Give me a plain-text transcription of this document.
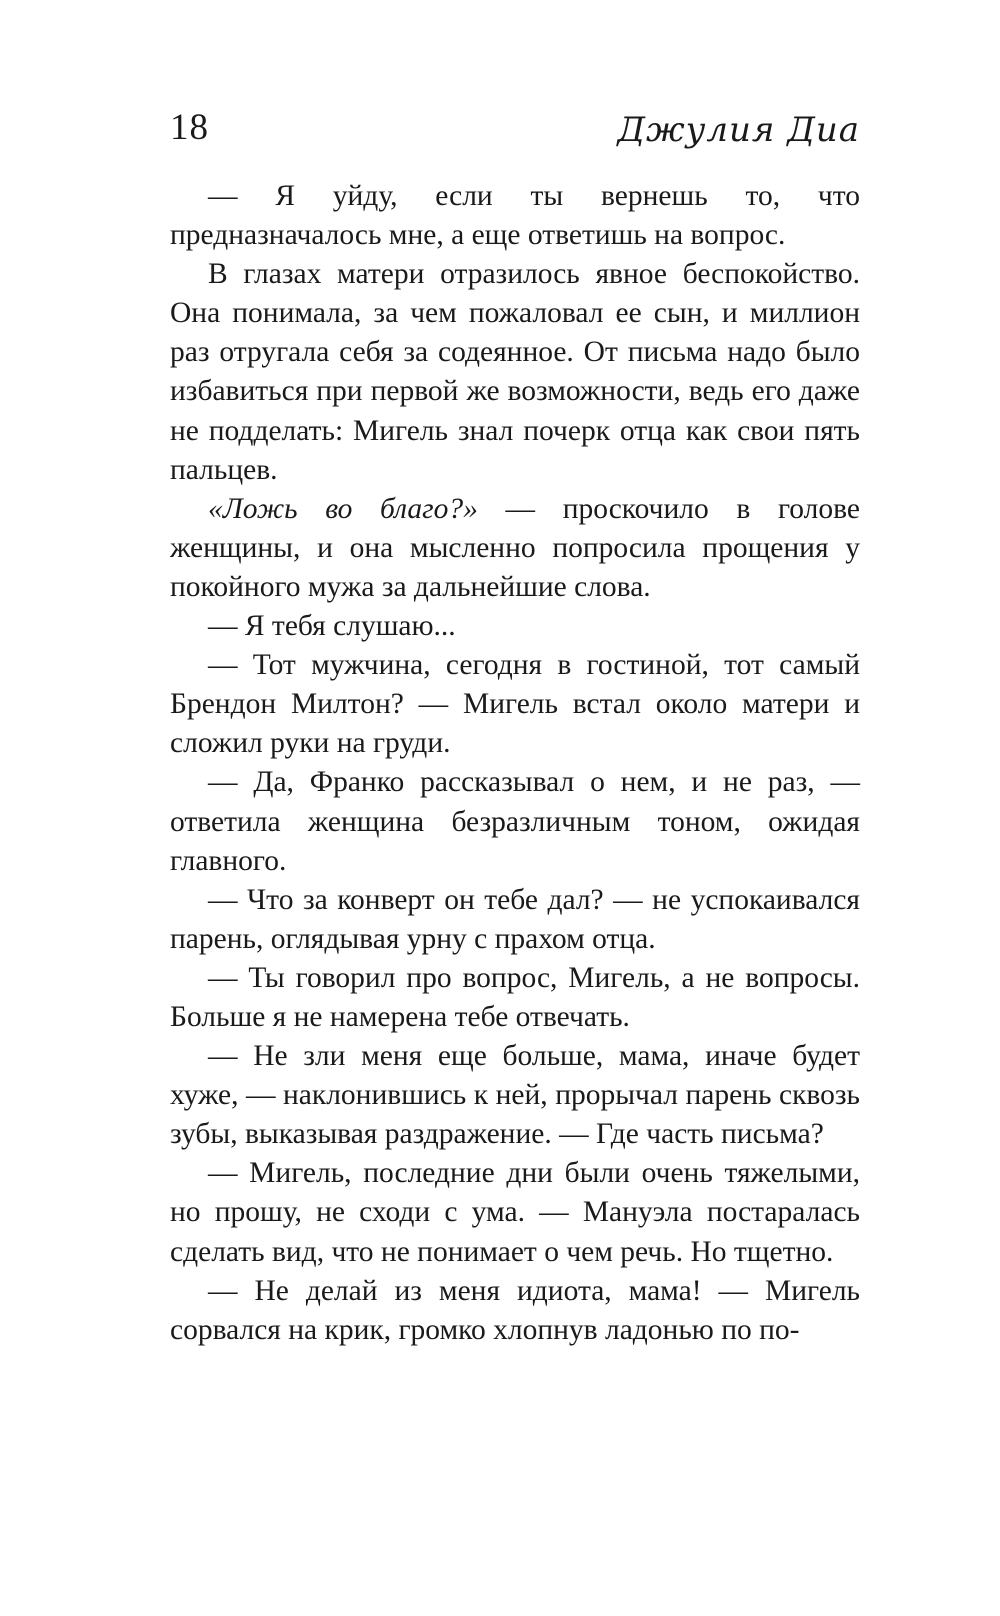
18	Джулия Диа

— Я уйду, если ты вернешь то, что предназначалось мне, а еще ответишь на вопрос.

В глазах матери отразилось явное беспокойство. Она понимала, за чем пожаловал ее сын, и миллион раз отругала себя за содеянное. От письма надо было избавиться при первой же возможности, ведь его даже не подделать: Мигель знал почерк отца как свои пять пальцев.

«Ложь во благо?» — проскочило в голове женщины, и она мысленно попросила прощения у покойного мужа за дальнейшие слова.

— Я тебя слушаю...

— Тот мужчина, сегодня в гостиной, тот самый Брендон Милтон? — Мигель встал около матери и сложил руки на груди.

— Да, Франко рассказывал о нем, и не раз, — ответила женщина безразличным тоном, ожидая главного.

— Что за конверт он тебе дал? — не успокаивался парень, оглядывая урну с прахом отца.

— Ты говорил про вопрос, Мигель, а не вопросы. Больше я не намерена тебе отвечать.

— Не зли меня еще больше, мама, иначе будет хуже, — наклонившись к ней, прорычал парень сквозь зубы, выказывая раздражение. — Где часть письма?

— Мигель, последние дни были очень тяжелыми, но прошу, не сходи с ума. — Мануэла постаралась сделать вид, что не понимает о чем речь. Но тщетно.

— Не делай из меня идиота, мама! — Мигель сорвался на крик, громко хлопнув ладонью по по-
